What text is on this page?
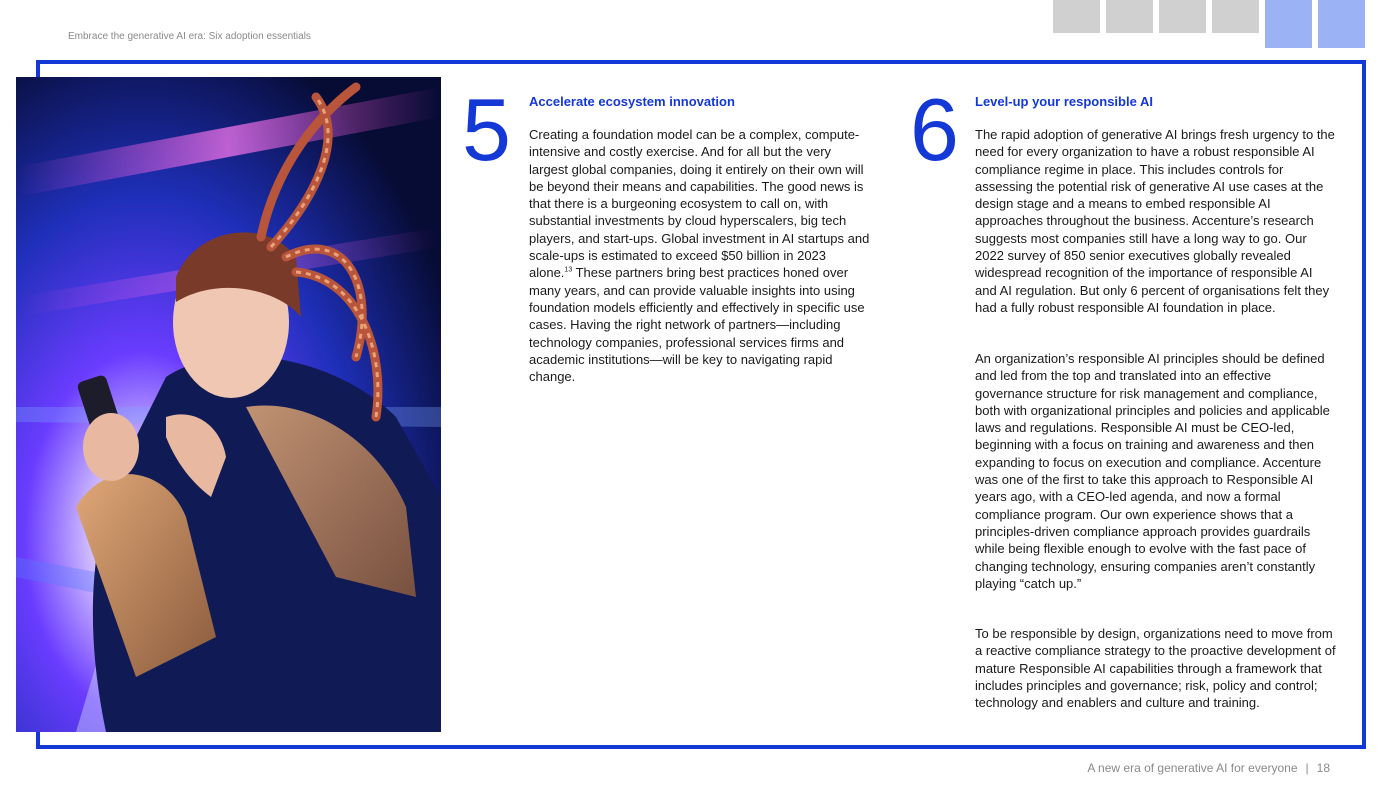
Embrace the generative AI era: Six adoption essentials
5 Accelerate ecosystem innovation

Creating a foundation model can be a complex, compute-intensive and costly exercise. And for all but the very largest global companies, doing it entirely on their own will be beyond their means and capabilities. The good news is that there is a burgeoning ecosystem to call on, with substantial investments by cloud hyperscalers, big tech players, and start-ups. Global investment in AI startups and scale-ups is estimated to exceed $50 billion in 2023 alone.$^{13}$ These partners bring best practices honed over many years, and can provide valuable insights into using foundation models efficiently and effectively in specific use cases. Having the right network of partners—including technology companies, professional services firms and academic institutions—will be key to navigating rapid change.

6 Level-up your responsible AI

The rapid adoption of generative AI brings fresh urgency to the need for every organization to have a robust responsible AI compliance regime in place. This includes controls for assessing the potential risk of generative AI use cases at the design stage and a means to embed responsible AI approaches throughout the business. Accenture’s research suggests most companies still have a long way to go. Our 2022 survey of 850 senior executives globally revealed widespread recognition of the importance of responsible AI and AI regulation. But only 6 percent of organisations felt they had a fully robust responsible AI foundation in place.

An organization’s responsible AI principles should be defined and led from the top and translated into an effective governance structure for risk management and compliance, both with organizational principles and policies and applicable laws and regulations. Responsible AI must be CEO-led, beginning with a focus on training and awareness and then expanding to focus on execution and compliance. Accenture was one of the first to take this approach to Responsible AI years ago, with a CEO-led agenda, and now a formal compliance program. Our own experience shows that a principles-driven compliance approach provides guardrails while being flexible enough to evolve with the fast pace of changing technology, ensuring companies aren’t constantly playing “catch up.”

To be responsible by design, organizations need to move from a reactive compliance strategy to the proactive development of mature Responsible AI capabilities through a framework that includes principles and governance; risk, policy and control; technology and enablers and culture and training.

A new era of generative AI for everyone | 18
